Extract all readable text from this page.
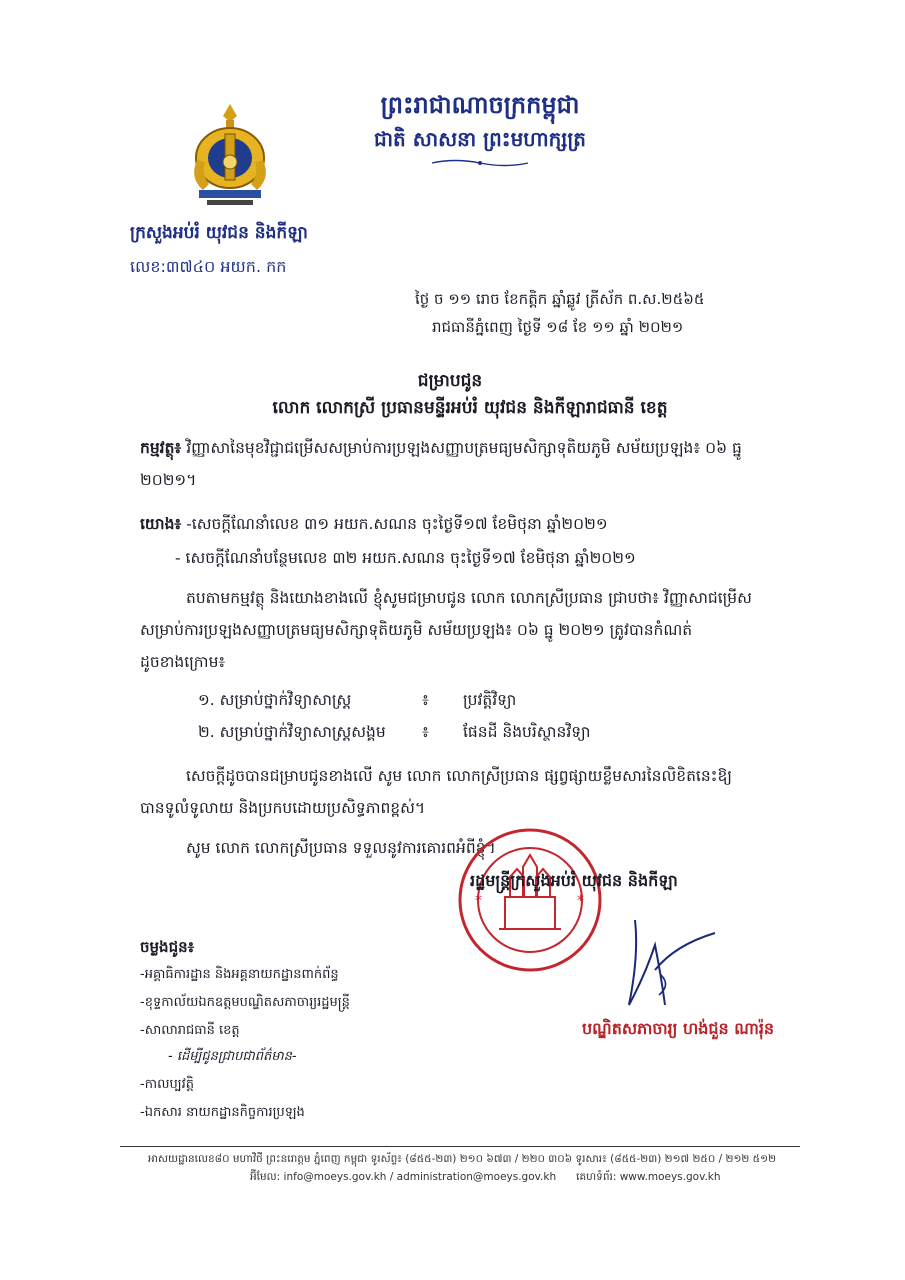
ព្រះរាជាណាចក្រកម្ពុជា
ជាតិ សាសនា ព្រះមហាក្សត្រ
ក្រសួងអប់រំ យុវជន និងកីឡា
លេខ:៣៧៤០ អយក. កក
ថ្ងៃ ច ១១ រោច ខែកត្តិក ឆ្នាំឆ្លូវ ត្រីស័ក ព.ស.២៥៦៥
រាជធានីភ្នំពេញ ថ្ងៃទី ១៨ ខែ ១១ ឆ្នាំ ២០២១
ជម្រាបជូន
លោក លោកស្រី ប្រធានមន្ទីរអប់រំ យុវជន និងកីឡារាជធានី ខេត្ត
កម្មវត្ថុ៖ វិញ្ញាសានៃមុខវិជ្ជាជម្រើសសម្រាប់ការប្រឡងសញ្ញាបត្រមធ្យមសិក្សាទុតិយភូមិ សម័យប្រឡង៖ ០៦ ធ្នូ
២០២១។
យោង៖ -សេចក្តីណែនាំលេខ ៣១ អយក.សណន ចុះថ្ងៃទី១៧ ខែមិថុនា ឆ្នាំ២០២១
- សេចក្តីណែនាំបន្ថែមលេខ ៣២ អយក.សណន ចុះថ្ងៃទី១៧ ខែមិថុនា ឆ្នាំ២០២១
តបតាមកម្មវត្ថុ និងយោងខាងលើ ខ្ញុំសូមជម្រាបជូន លោក លោកស្រីប្រធាន ជ្រាបថា៖ វិញ្ញាសាជម្រើស
សម្រាប់ការប្រឡងសញ្ញាបត្រមធ្យមសិក្សាទុតិយភូមិ សម័យប្រឡង៖ ០៦ ធ្នូ ២០២១ ត្រូវបានកំណត់
ដូចខាងក្រោម៖
១. សម្រាប់ថ្នាក់វិទ្យាសាស្ត្រ	៖ ប្រវត្តិវិទ្យា
២. សម្រាប់ថ្នាក់វិទ្យាសាស្ត្រសង្គម ៖ ផែនដី និងបរិស្ថានវិទ្យា
សេចក្តីដូចបានជម្រាបជូនខាងលើ សូម លោក លោកស្រីប្រធាន ផ្សព្វផ្សាយខ្លឹមសារនៃលិខិតនេះឱ្យ
បានទូលំទូលាយ និងប្រកបដោយប្រសិទ្ធភាពខ្ពស់។
សូម លោក លោកស្រីប្រធាន ទទួលនូវការគោរពអំពីខ្ញុំ។
*	*
រដ្ឋមន្ត្រីក្រសួងអប់រំ យុវជន និងកីឡា
បណ្ឌិតសភាចារ្យ ហង់ជួន ណារ៉ុន
ចម្លងជូន៖
-អគ្គាធិការដ្ឋាន និងអគ្គនាយកដ្ឋានពាក់ព័ន្ធ
-ខុទ្ទកាល័យឯកឧត្តមបណ្ឌិតសភាចារ្យរដ្ឋមន្ត្រី
-សាលារាជធានី ខេត្ត
- ដើម្បីជូនជ្រាបជាព័ត៌មាន-
-កាលប្បវត្តិ
-ឯកសារ នាយកដ្ឋានកិច្ចការប្រឡង
អាសយដ្ឋានលេខ៨០ មហាវិថី ព្រះនរោត្តម ភ្នំពេញ កម្ពុជា ទូរស័ព្ទ៖ (៨៥៥-២៣) ២១០ ៦៧៣ / ២២០ ៣០៦ ទូរសារ៖ (៨៥៥-២៣) ២១៧ ២៥០ / ២១២ ៥១២
អ៊ីមែល: info@moeys.gov.kh / administration@moeys.gov.kh គេហទំព័រ: www.moeys.gov.kh
